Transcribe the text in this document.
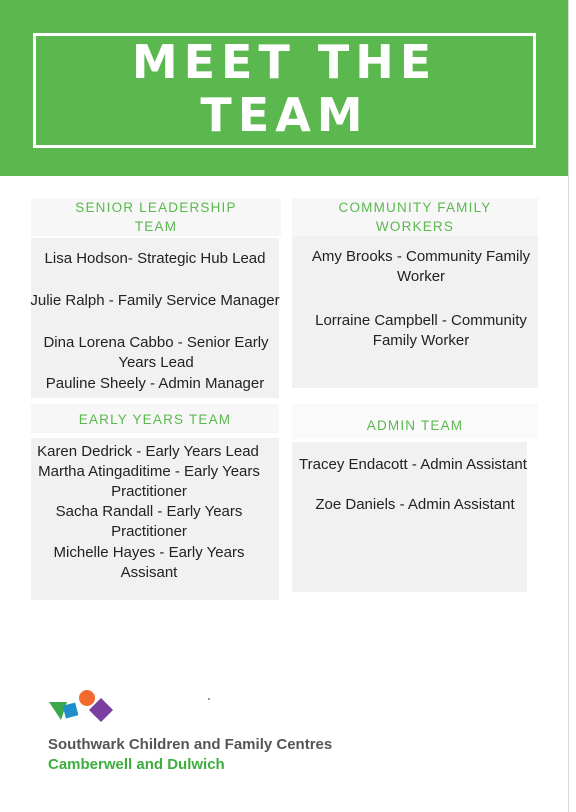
MEET THE
TEAM
SENIOR LEADERSHIP
TEAM
Lisa Hodson- Strategic Hub Lead
Julie Ralph - Family Service Manager
Dina Lorena Cabbo - Senior Early Years Lead
Pauline Sheely - Admin Manager
COMMUNITY FAMILY
WORKERS
Amy Brooks - Community Family Worker
Lorraine Campbell - Community Family Worker
EARLY YEARS TEAM
Karen Dedrick - Early Years Lead
Martha Atingaditime - Early Years Practitioner
Sacha Randall - Early Years Practitioner
Michelle Hayes - Early Years Assisant
ADMIN TEAM
Tracey Endacott - Admin Assistant
Zoe Daniels - Admin Assistant
Southwark Children and Family Centres
Camberwell and Dulwich
